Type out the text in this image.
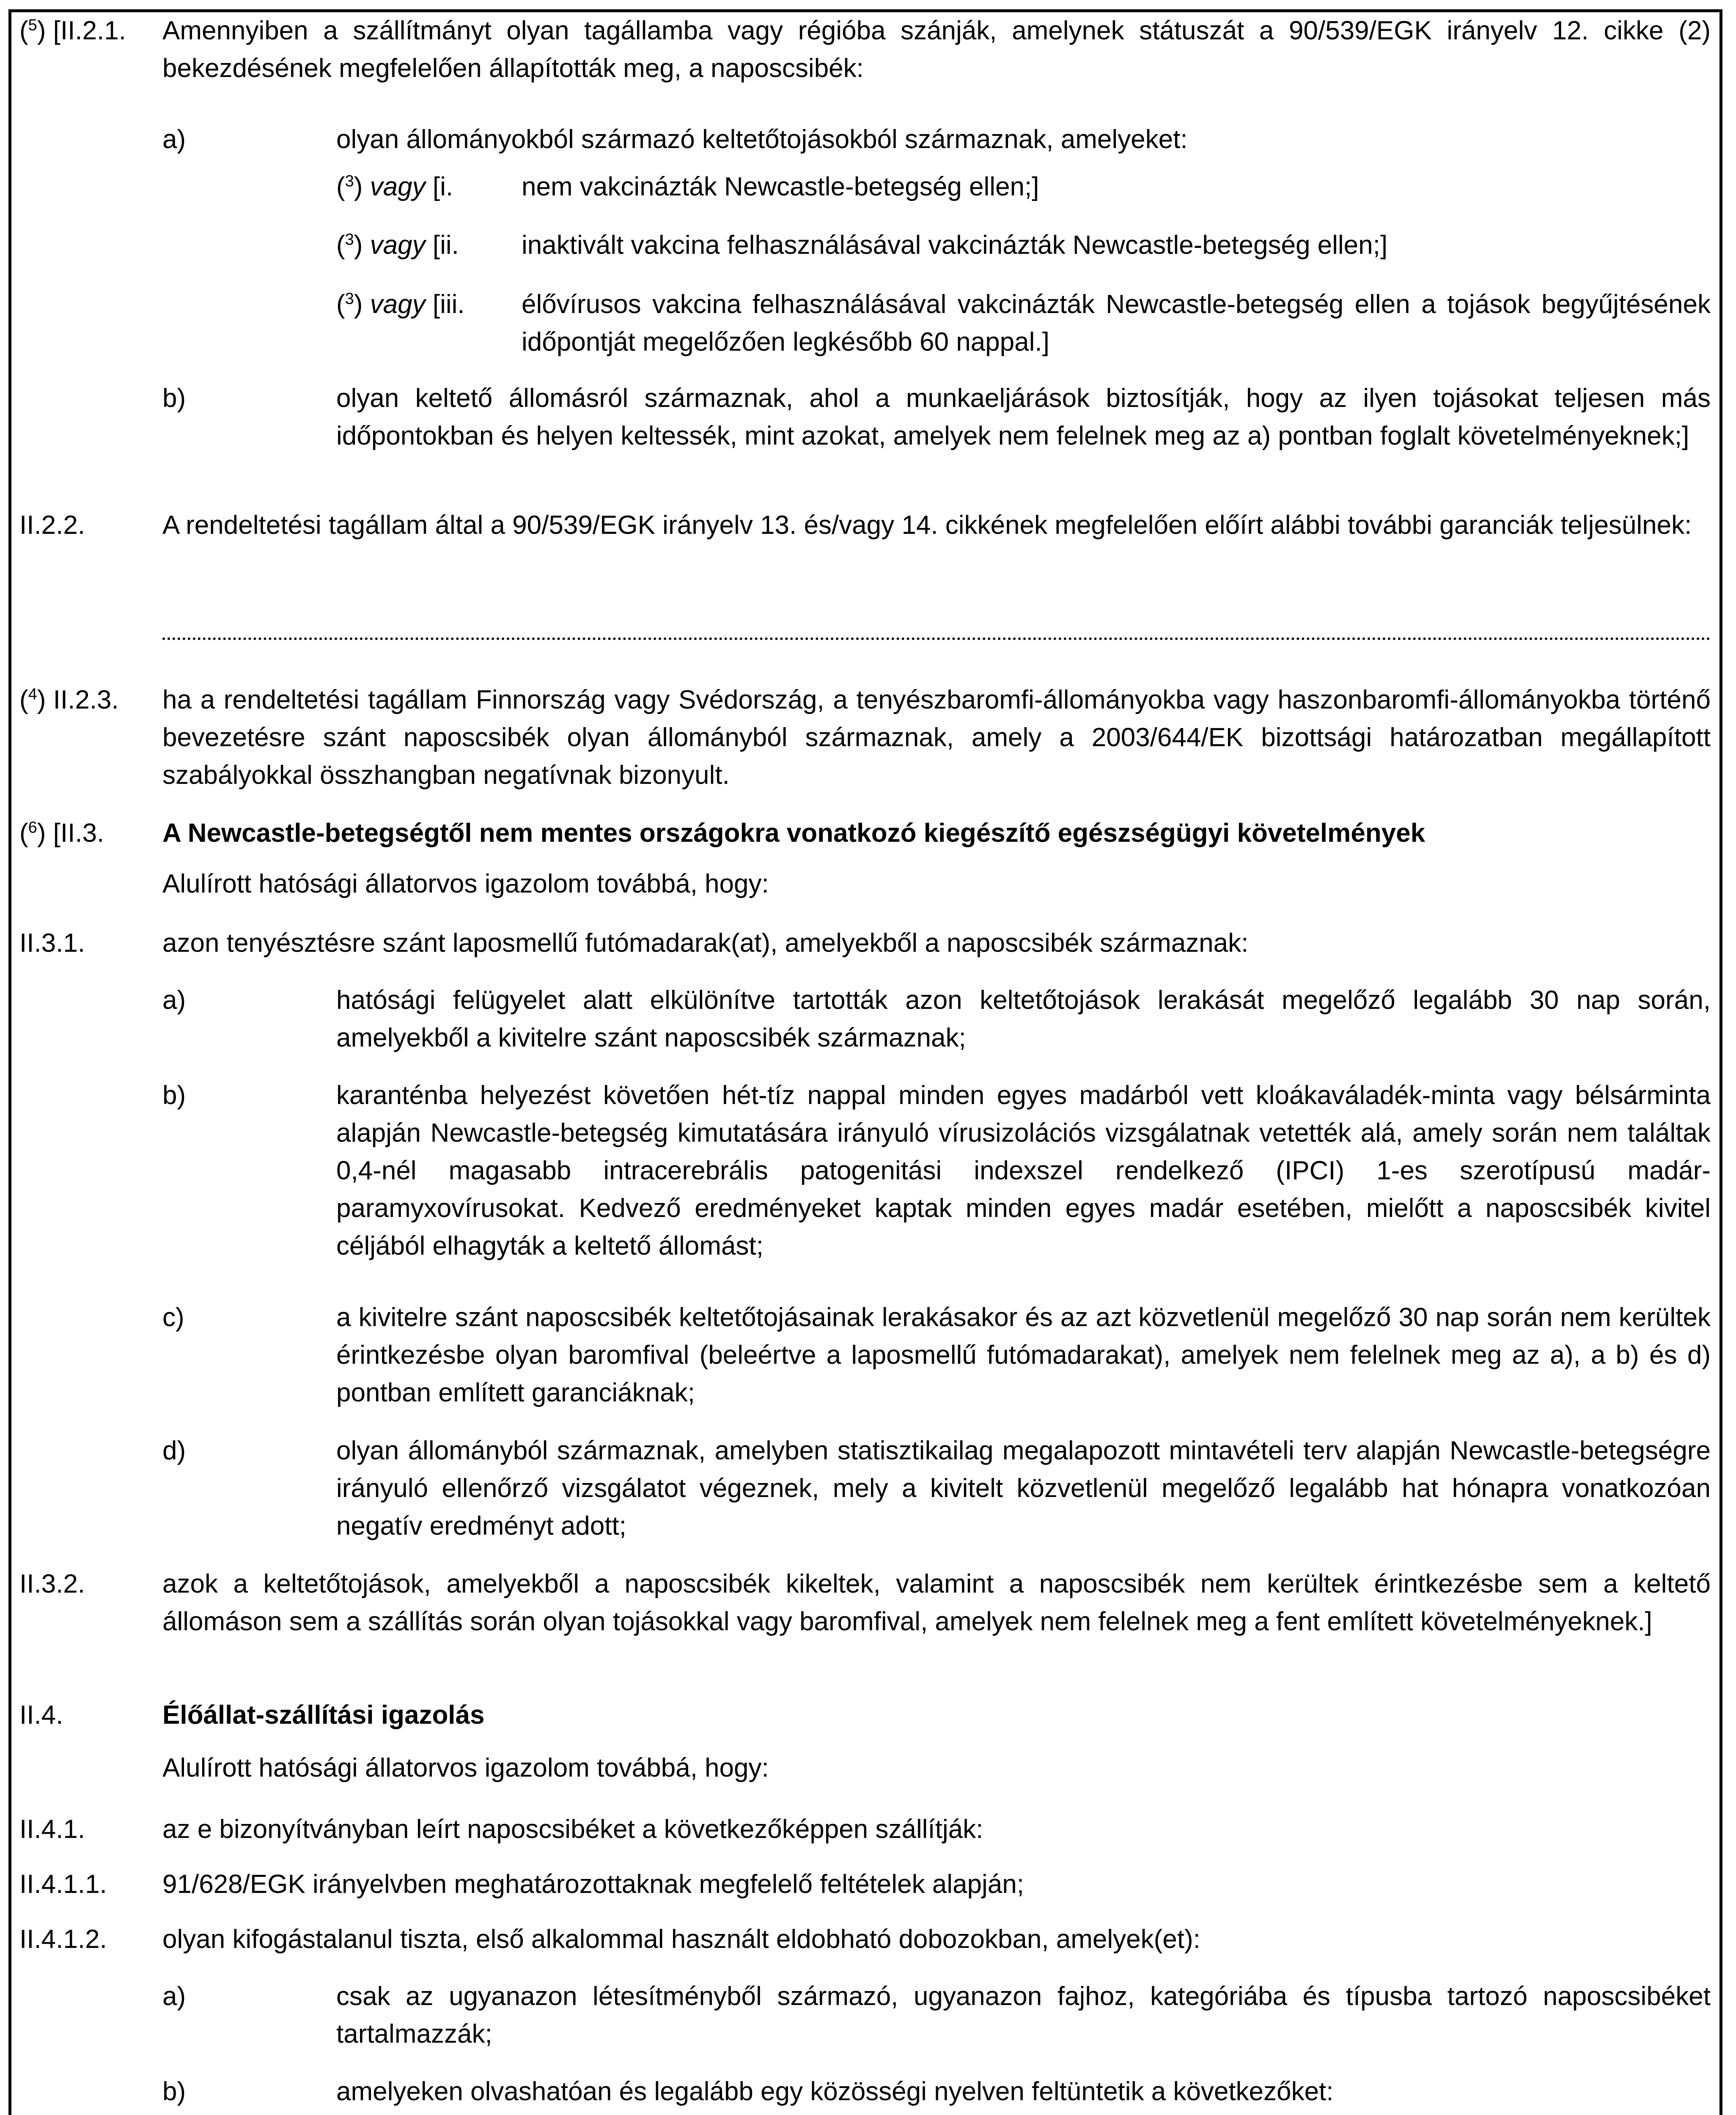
($^5$) [II.2.1. Amennyiben a szállítmányt olyan tagállamba vagy régióba szánják, amelynek státuszát a 90/539/EGK irányelv 12. cikke (2) bekezdésének megfelelően állapították meg, a naposcsibék:
a)	olyan állományokból származó keltetőtojásokból származnak, amelyeket:
($^3$) vagy [i.	nem vakcinázták Newcastle-betegség ellen;]
($^3$) vagy [ii. inaktivált vakcina felhasználásával vakcinázták Newcastle-betegség ellen;]
($^3$) vagy [iii. élővírusos vakcina felhasználásával vakcinázták Newcastle-betegség ellen a tojások begyűjtésének időpontját megelőzően legkésőbb 60 nappal.]
b)	olyan keltető állomásról származnak, ahol a munkaeljárások biztosítják, hogy az ilyen tojásokat teljesen más időpontokban és helyen keltessék, mint azokat, amelyek nem felelnek meg az a) pontban foglalt követelményeknek;]
II.2.2.	A rendeltetési tagállam által a 90/539/EGK irányelv 13. és/vagy 14. cikkének megfelelően előírt alábbi további garanciák teljesülnek:
($^4$) II.2.3. ha a rendeltetési tagállam Finnország vagy Svédország, a tenyészbaromfi-állományokba vagy haszonbaromfi-állományokba történő bevezetésre szánt naposcsibék olyan állományból származnak, amely a 2003/644/EK bizottsági határozatban megállapított szabályokkal összhangban negatívnak bizonyult.
($^6$) [II.3. A Newcastle-betegségtől nem mentes országokra vonatkozó kiegészítő egészségügyi követelmények
Alulírott hatósági állatorvos igazolom továbbá, hogy:
II.3.1.	azon tenyésztésre szánt laposmellű futómadarak(at), amelyekből a naposcsibék származnak:
a)	hatósági felügyelet alatt elkülönítve tartották azon keltetőtojások lerakását megelőző legalább 30 nap során, amelyekből a kivitelre szánt naposcsibék származnak;
b)	karanténba helyezést követően hét-tíz nappal minden egyes madárból vett kloákaváladék-minta vagy bélsárminta alapján Newcastle-betegség kimutatására irányuló vírusizolációs vizsgálatnak vetették alá, amely során nem találtak 0,4-nél magasabb intracerebrális patogenitási indexszel rendelkező (IPCI) 1-es szerotípusú madár-paramyxovírusokat. Kedvező eredményeket kaptak minden egyes madár esetében, mielőtt a naposcsibék kivitel céljából elhagyták a keltető állomást;
c)	a kivitelre szánt naposcsibék keltetőtojásainak lerakásakor és az azt közvetlenül megelőző 30 nap során nem kerültek érintkezésbe olyan baromfival (beleértve a laposmellű futómadarakat), amelyek nem felelnek meg az a), a b) és d) pontban említett garanciáknak;
d)	olyan állományból származnak, amelyben statisztikailag megalapozott mintavételi terv alapján Newcastle-betegségre irányuló ellenőrző vizsgálatot végeznek, mely a kivitelt közvetlenül megelőző legalább hat hónapra vonatkozóan negatív eredményt adott;
II.3.2.	azok a keltetőtojások, amelyekből a naposcsibék kikeltek, valamint a naposcsibék nem kerültek érintkezésbe sem a keltető állomáson sem a szállítás során olyan tojásokkal vagy baromfival, amelyek nem felelnek meg a fent említett követelményeknek.]
II.4.	Élőállat-szállítási igazolás
Alulírott hatósági állatorvos igazolom továbbá, hogy:
II.4.1.	az e bizonyítványban leírt naposcsibéket a következőképpen szállítják:
II.4.1.1. 91/628/EGK irányelvben meghatározottaknak megfelelő feltételek alapján;
II.4.1.2. olyan kifogástalanul tiszta, első alkalommal használt eldobható dobozokban, amelyek(et):
a)	csak az ugyanazon létesítményből származó, ugyanazon fajhoz, kategóriába és típusba tartozó naposcsibéket tartalmazzák;
b)	amelyeken olvashatóan és legalább egy közösségi nyelven feltüntetik a következőket:
